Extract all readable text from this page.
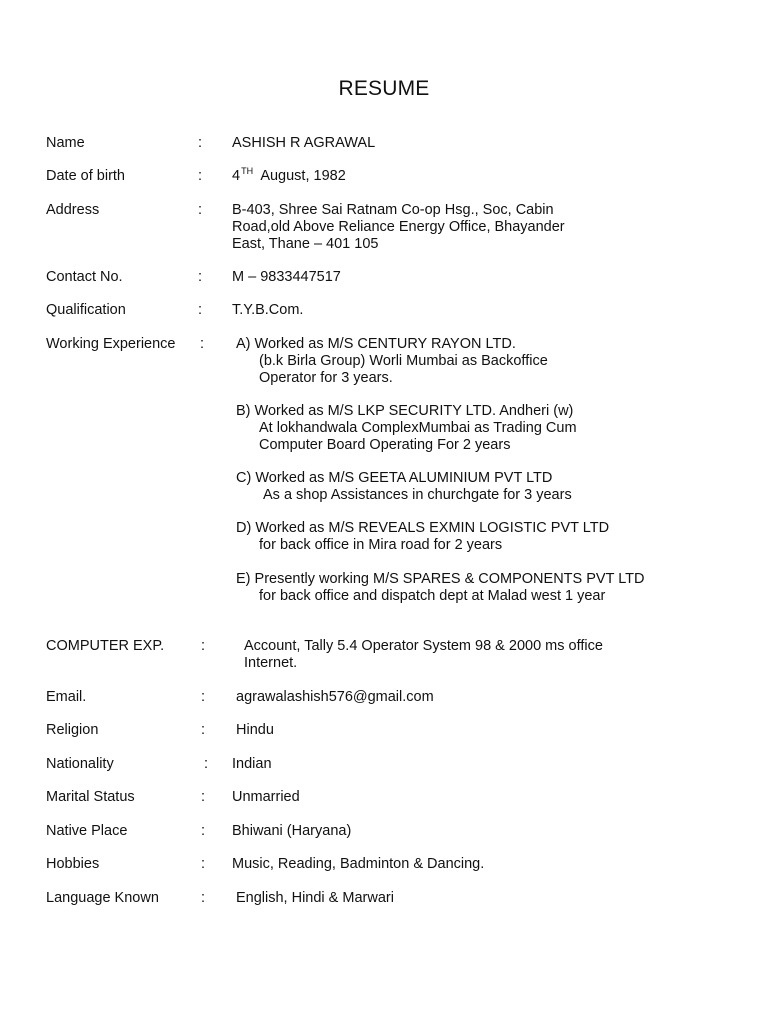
RESUME
Name	: ASHISH R AGRAWAL
Date of birth	: 4TH August, 1982
Address	: B-403, Shree Sai Ratnam Co-op Hsg., Soc, Cabin
Road,old Above Reliance Energy Office, Bhayander
East, Thane – 401 105
Contact No.	: M – 9833447517
Qualification	: T.Y.B.Com.
Working Experience : A) Worked as M/S CENTURY RAYON LTD.
(b.k Birla Group) Worli Mumbai as Backoffice
Operator for 3 years.
B) Worked as M/S LKP SECURITY LTD. Andheri (w)
At lokhandwala ComplexMumbai as Trading Cum
Computer Board Operating For 2 years
C) Worked as M/S GEETA ALUMINIUM PVT LTD
As a shop Assistances in churchgate for 3 years
D) Worked as M/S REVEALS EXMIN LOGISTIC PVT LTD
for back office in Mira road for 2 years
E) Presently working M/S SPARES & COMPONENTS PVT LTD
for back office and dispatch dept at Malad west 1 year
COMPUTER EXP.	:	Account, Tally 5.4 Operator System 98 & 2000 ms office
Internet.
Email.	: agrawalashish576@gmail.com
Religion	: Hindu
Nationality	: Indian
Marital Status	: Unmarried
Native Place	: Bhiwani (Haryana)
Hobbies	: Music, Reading, Badminton & Dancing.
Language Known	: English, Hindi & Marwari
